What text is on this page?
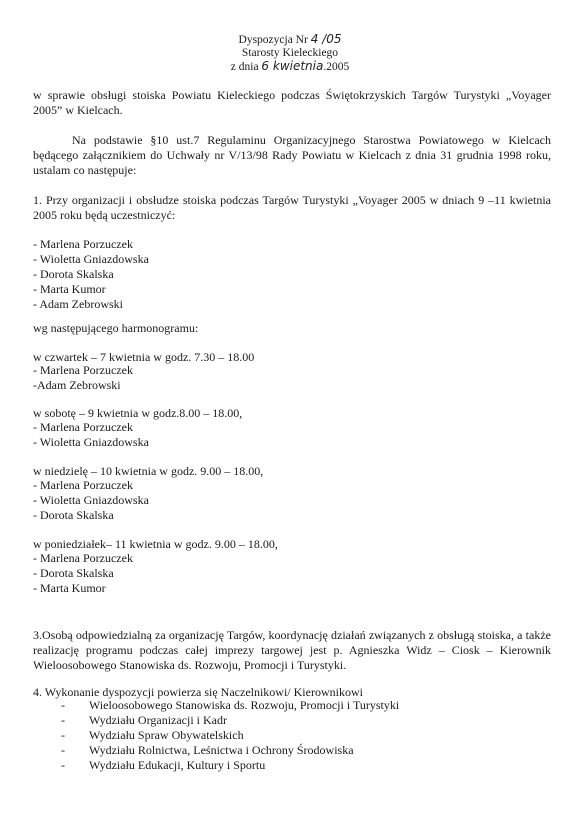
Dyspozycja Nr 4 /05
Starosty Kieleckiego
z dnia 6 kwietnia.2005
w sprawie obsługi stoiska Powiatu Kieleckiego podczas Świętokrzyskich Targów Turystyki „Voyager 2005” w Kielcach.
Na podstawie §10 ust.7 Regulaminu Organizacyjnego Starostwa Powiatowego w Kielcach będącego załącznikiem do Uchwały nr V/13/98 Rady Powiatu w Kielcach z dnia 31 grudnia 1998 roku, ustalam co następuje:
1. Przy organizacji i obsłudze stoiska podczas Targów Turystyki „Voyager 2005 w dniach 9 –11 kwietnia 2005 roku będą uczestniczyć:
- Marlena Porzuczek
- Wioletta Gniazdowska
- Dorota Skalska
- Marta Kumor
- Adam Zebrowski
wg następującego harmonogramu:
w czwartek – 7 kwietnia w godz. 7.30 – 18.00
- Marlena Porzuczek
-Adam Zebrowski
w sobotę – 9 kwietnia w godz.8.00 – 18.00,
- Marlena Porzuczek
- Wioletta Gniazdowska
w niedzielę – 10 kwietnia w godz. 9.00 – 18.00,
- Marlena Porzuczek
- Wioletta Gniazdowska
- Dorota Skalska
w poniedziałek– 11 kwietnia w godz. 9.00 – 18.00,
- Marlena Porzuczek
- Dorota Skalska
- Marta Kumor
3.Osobą odpowiedzialną za organizację Targów, koordynację działań związanych z obsługą stoiska, a także realizację programu podczas całej imprezy targowej jest p. Agnieszka Widz – Ciosk – Kierownik Wieloosobowego Stanowiska ds. Rozwoju, Promocji i Turystyki.
4. Wykonanie dyspozycji powierza się Naczelnikowi/ Kierownikowi
- Wieloosobowego Stanowiska ds. Rozwoju, Promocji i Turystyki
- Wydziału Organizacji i Kadr
- Wydziału Spraw Obywatelskich
- Wydziału Rolnictwa, Leśnictwa i Ochrony Środowiska
- Wydziału Edukacji, Kultury i Sportu
